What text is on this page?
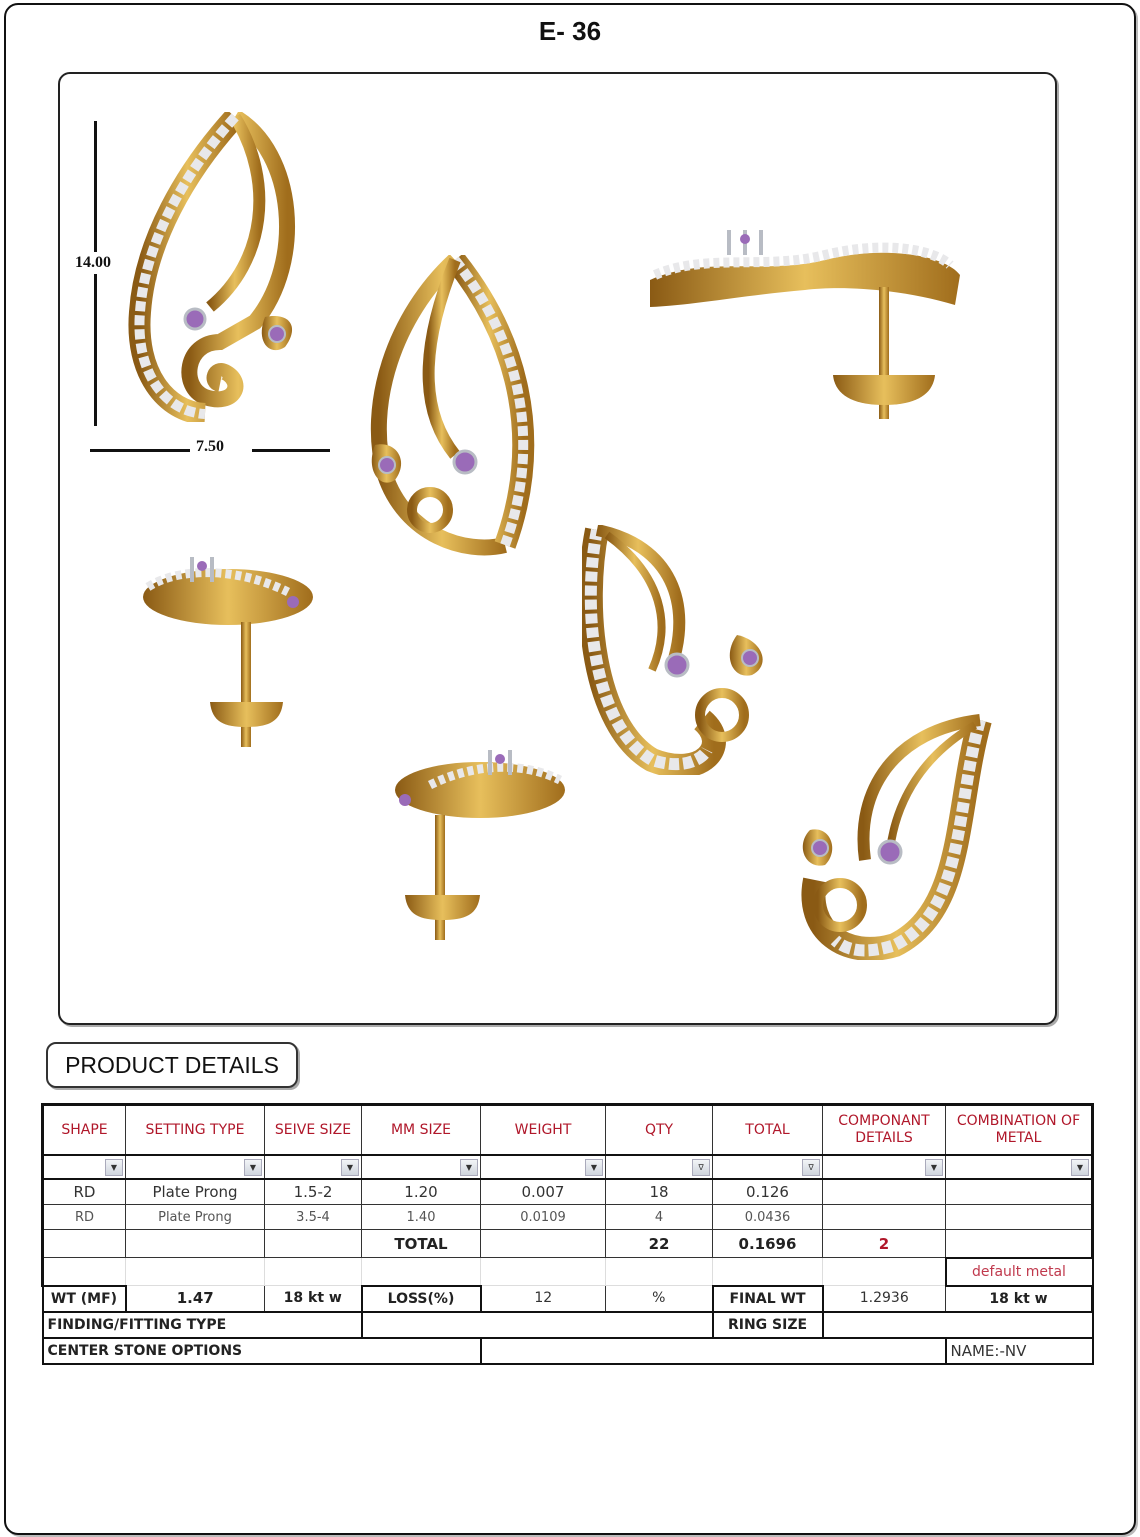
E- 36
14.00
7.50
PRODUCT DETAILS
SHAPE	SETTING TYPE	SEIVE SIZE	MM SIZE	WEIGHT	QTY	TOTAL	COMPONANT DETAILS	COMBINATION OF METAL

▼	▼	▼	▼	▼	∇	∇	▼	▼

RD	Plate Prong	1.5-2	1.20	0.007	18	0.126		
RD	Plate Prong	3.5-4	1.40	0.0109	4	0.0436		
			TOTAL		22	0.1696	2	
								default metal
WT (MF)	1.47	18 kt w	LOSS(%)	12	%	FINAL WT	1.2936	18 kt w
FINDING/FITTING TYPE						RING SIZE		
CENTER STONE OPTIONS								NAME:-NV
